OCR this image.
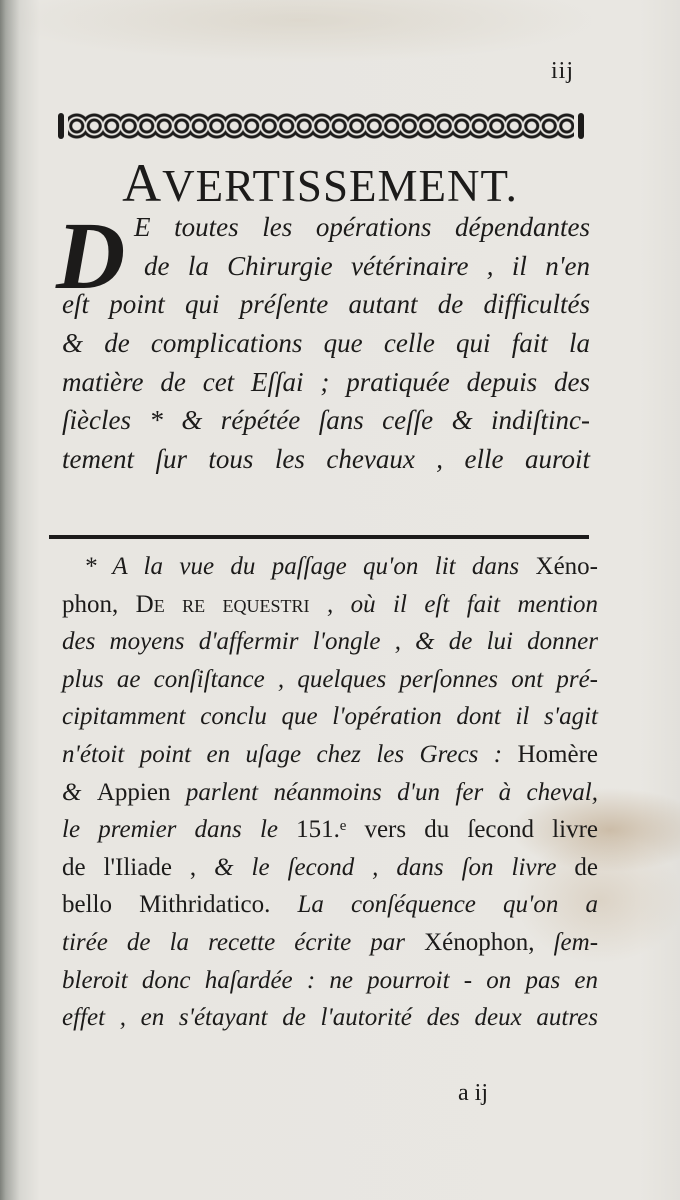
iij
AVERTISSEMENT.
D E toutes les opérations dépendantes
de la Chirurgie vétérinaire , il n'en
eſt point qui préſente autant de difficultés
& de complications que celle qui fait la
matière de cet Eſſai ; pratiquée depuis des
ſiècles * & répétée ſans ceſſe & indiſtinc-
tement ſur tous les chevaux , elle auroit
* A la vue du paſſage qu'on lit dans Xéno-
phon, De re equestri , où il eſt fait mention
des moyens d'affermir l'ongle , & de lui donner
plus ae conſiſtance , quelques perſonnes ont pré-
cipitamment conclu que l'opération dont il s'agit
n'étoit point en uſage chez les Grecs : Homère
& Appien parlent néanmoins d'un fer à cheval,
le premier dans le 151.ᵉ vers du ſecond livre
de l'Iliade , & le ſecond , dans ſon livre de
bello Mithridatico. La conſéquence qu'on a
tirée de la recette écrite par Xénophon, ſem-
bleroit donc haſardée : ne pourroit - on pas en
effet , en s'étayant de l'autorité des deux autres
a ij
